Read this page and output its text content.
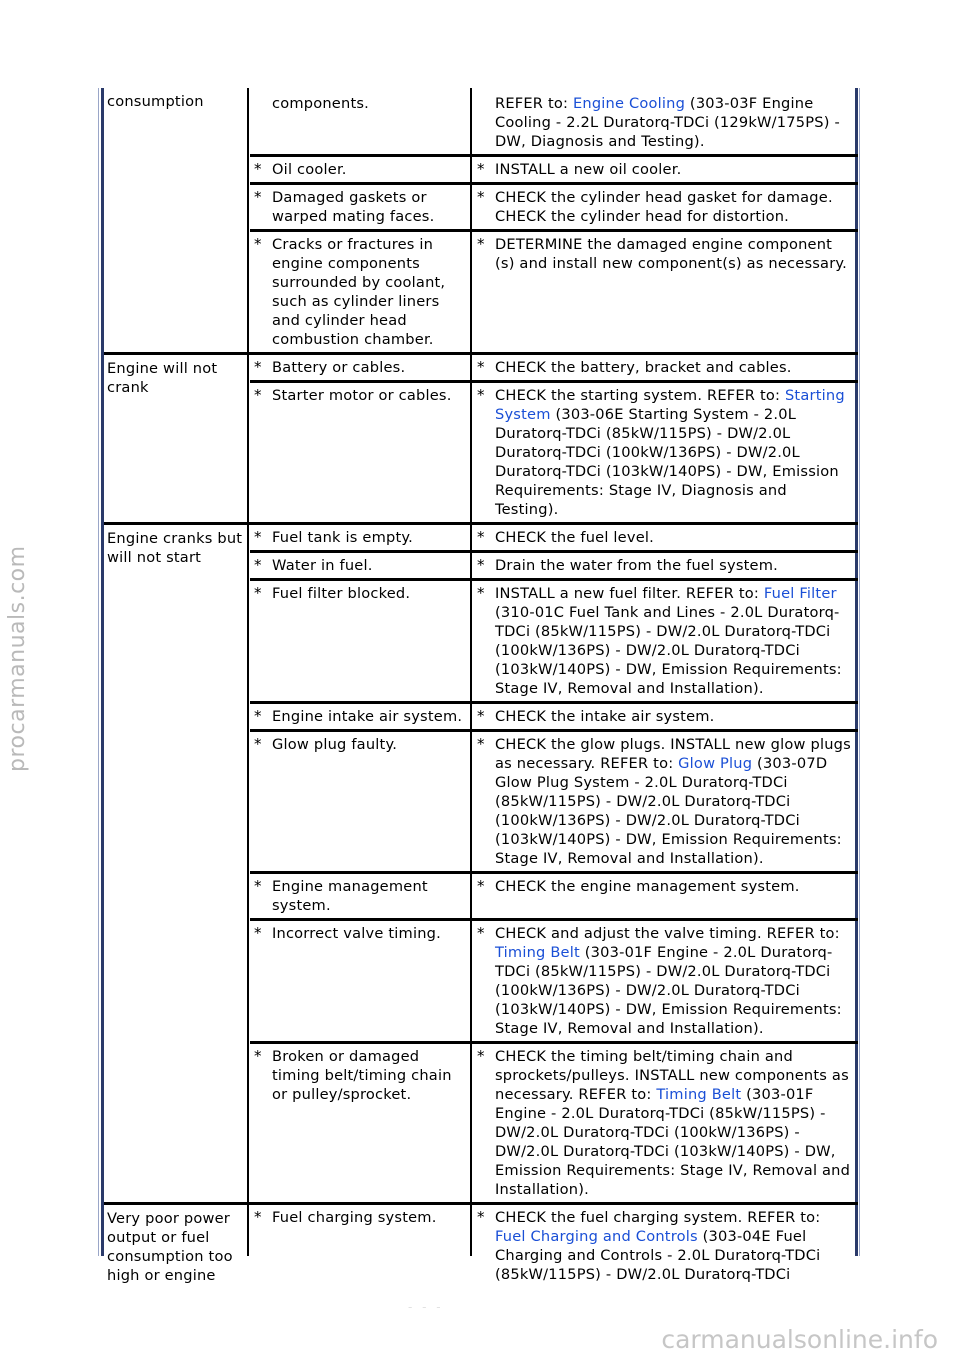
consumption	components.	REFER to: Engine Cooling (303-03F Engine Cooling - 2.2L Duratorq-TDCi (129kW/175PS) - DW, Diagnosis and Testing).

	* Oil cooler.	* INSTALL a new oil cooler.

	* Damaged gaskets or warped mating faces.	* CHECK the cylinder head gasket for damage. CHECK the cylinder head for distortion.

	* Cracks or fractures in engine components surrounded by coolant, such as cylinder liners and cylinder head combustion chamber.	* DETERMINE the damaged engine component (s) and install new component(s) as necessary.

Engine will not crank	* Battery or cables.	* CHECK the battery, bracket and cables.

	* Starter motor or cables.	* CHECK the starting system. REFER to: Starting System (303-06E Starting System - 2.0L Duratorq-TDCi (85kW/115PS) - DW/2.0L Duratorq-TDCi (100kW/136PS) - DW/2.0L Duratorq-TDCi (103kW/140PS) - DW, Emission Requirements: Stage IV, Diagnosis and Testing).

Engine cranks but will not start	* Fuel tank is empty.	* CHECK the fuel level.

	* Water in fuel.	* Drain the water from the fuel system.

	* Fuel filter blocked.	* INSTALL a new fuel filter. REFER to: Fuel Filter (310-01C Fuel Tank and Lines - 2.0L Duratorq-TDCi (85kW/115PS) - DW/2.0L Duratorq-TDCi (100kW/136PS) - DW/2.0L Duratorq-TDCi (103kW/140PS) - DW, Emission Requirements: Stage IV, Removal and Installation).

	* Engine intake air system.	* CHECK the intake air system.

	* Glow plug faulty.	* CHECK the glow plugs. INSTALL new glow plugs as necessary. REFER to: Glow Plug (303-07D Glow Plug System - 2.0L Duratorq-TDCi (85kW/115PS) - DW/2.0L Duratorq-TDCi (100kW/136PS) - DW/2.0L Duratorq-TDCi (103kW/140PS) - DW, Emission Requirements: Stage IV, Removal and Installation).

	* Engine management system.	* CHECK the engine management system.

	* Incorrect valve timing.	* CHECK and adjust the valve timing. REFER to: Timing Belt (303-01F Engine - 2.0L Duratorq-TDCi (85kW/115PS) - DW/2.0L Duratorq-TDCi (100kW/136PS) - DW/2.0L Duratorq-TDCi (103kW/140PS) - DW, Emission Requirements: Stage IV, Removal and Installation).

	* Broken or damaged timing belt/timing chain or pulley/sprocket.	* CHECK the timing belt/timing chain and sprockets/pulleys. INSTALL new components as necessary. REFER to: Timing Belt (303-01F Engine - 2.0L Duratorq-TDCi (85kW/115PS) - DW/2.0L Duratorq-TDCi (100kW/136PS) - DW/2.0L Duratorq-TDCi (103kW/140PS) - DW, Emission Requirements: Stage IV, Removal and Installation).

Very poor power output or fuel consumption too high or engine	* Fuel charging system.	* CHECK the fuel charging system. REFER to: Fuel Charging and Controls (303-04E Fuel Charging and Controls - 2.0L Duratorq-TDCi (85kW/115PS) - DW/2.0L Duratorq-TDCi
procarmanuals.com
carmanualsonline.info
- - -
